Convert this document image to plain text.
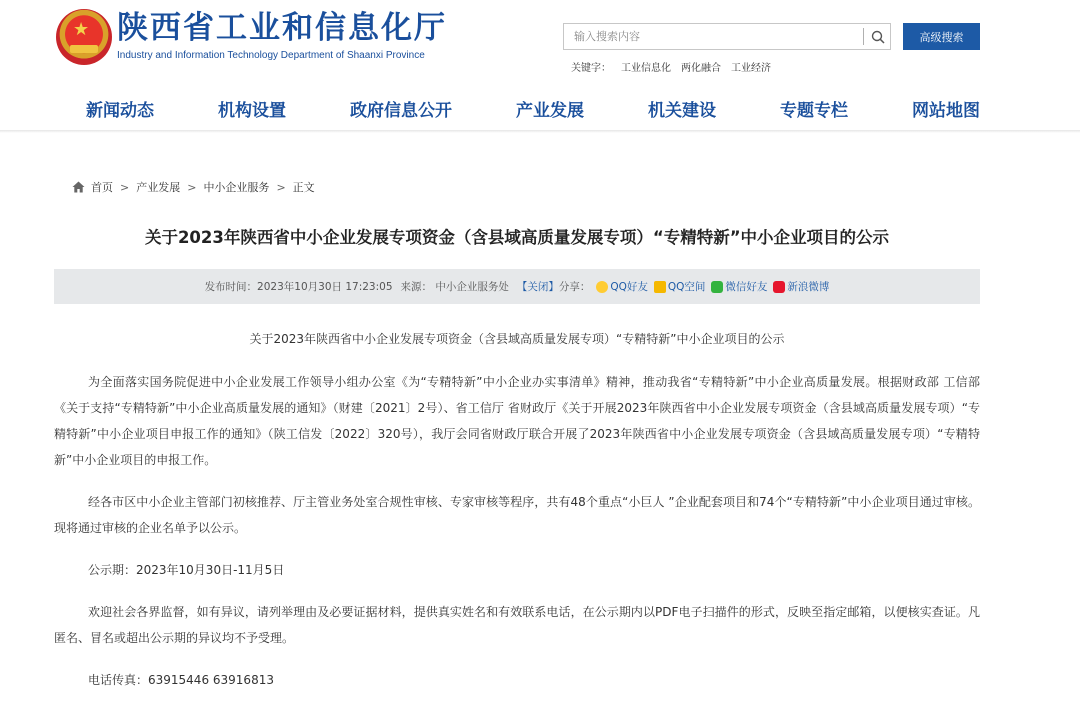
★ 陕西省工业和信息化厅
Industry and Information Technology Department of Shaanxi Province
输入搜索内容
高级搜索
关键字： 工业信息化 两化融合 工业经济
新闻动态	机构设置	政府信息公开	产业发展	机关建设	专题专栏	网站地图
首页 > 产业发展 > 中小企业服务 > 正文
关于2023年陕西省中小企业发展专项资金（含县域高质量发展专项）“专精特新”中小企业项目的公示
发布时间：2023年10月30日 17:23:05 来源： 中小企业服务处 【关闭】 分享： QQ好友 QQ空间 微信好友 新浪微博
关于2023年陕西省中小企业发展专项资金（含县域高质量发展专项）“专精特新”中小企业项目的公示

为全面落实国务院促进中小企业发展工作领导小组办公室《为“专精特新”中小企业办实事清单》精神，推动我省“专精特新”中小企业高质量发展。根据财政部 工信部《关于支持“专精特新”中小企业高质量发展的通知》（财建〔2021〕2号）、省工信厅 省财政厅《关于开展2023年陕西省中小企业发展专项资金（含县域高质量发展专项）“专精特新”中小企业项目申报工作的通知》（陕工信发〔2022〕320号），我厅会同省财政厅联合开展了2023年陕西省中小企业发展专项资金（含县域高质量发展专项）“专精特新”中小企业项目的申报工作。

经各市区中小企业主管部门初核推荐、厅主管业务处室合规性审核、专家审核等程序，共有48个重点“小巨人 ”企业配套项目和74个“专精特新”中小企业项目通过审核。现将通过审核的企业名单予以公示。

公示期：2023年10月30日-11月5日

欢迎社会各界监督，如有异议，请列举理由及必要证据材料，提供真实姓名和有效联系电话，在公示期内以PDF电子扫描件的形式，反映至指定邮箱，以便核实查证。凡匿名、冒名或超出公示期的异议均不予受理。

电话传真：63915446 63916813
